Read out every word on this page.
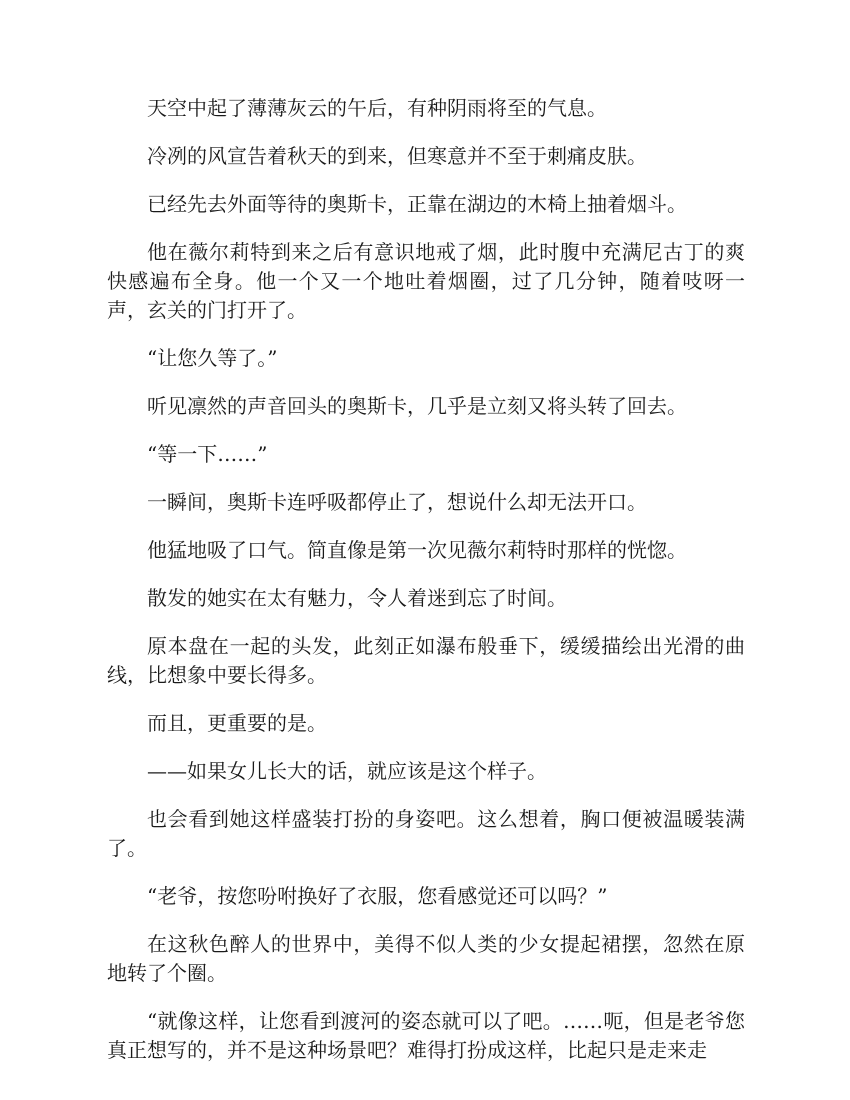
天空中起了薄薄灰云的午后，有种阴雨将至的气息。

冷冽的风宣告着秋天的到来，但寒意并不至于刺痛皮肤。

已经先去外面等待的奥斯卡，正靠在湖边的木椅上抽着烟斗。

他在薇尔莉特到来之后有意识地戒了烟，此时腹中充满尼古丁的爽快感遍布全身。他一个又一个地吐着烟圈，过了几分钟，随着吱呀一声，玄关的门打开了。

“让您久等了。”

听见凛然的声音回头的奥斯卡，几乎是立刻又将头转了回去。

“等一下……”

一瞬间，奥斯卡连呼吸都停止了，想说什么却无法开口。

他猛地吸了口气。简直像是第一次见薇尔莉特时那样的恍惚。

散发的她实在太有魅力，令人着迷到忘了时间。

原本盘在一起的头发，此刻正如瀑布般垂下，缓缓描绘出光滑的曲线，比想象中要长得多。

而且，更重要的是。

——如果女儿长大的话，就应该是这个样子。

也会看到她这样盛装打扮的身姿吧。这么想着，胸口便被温暖装满了。

“老爷，按您吩咐换好了衣服，您看感觉还可以吗？”

在这秋色醉人的世界中，美得不似人类的少女提起裙摆，忽然在原地转了个圈。

“就像这样，让您看到渡河的姿态就可以了吧。……呃，但是老爷您真正想写的，并不是这种场景吧？难得打扮成这样，比起只是走来走
